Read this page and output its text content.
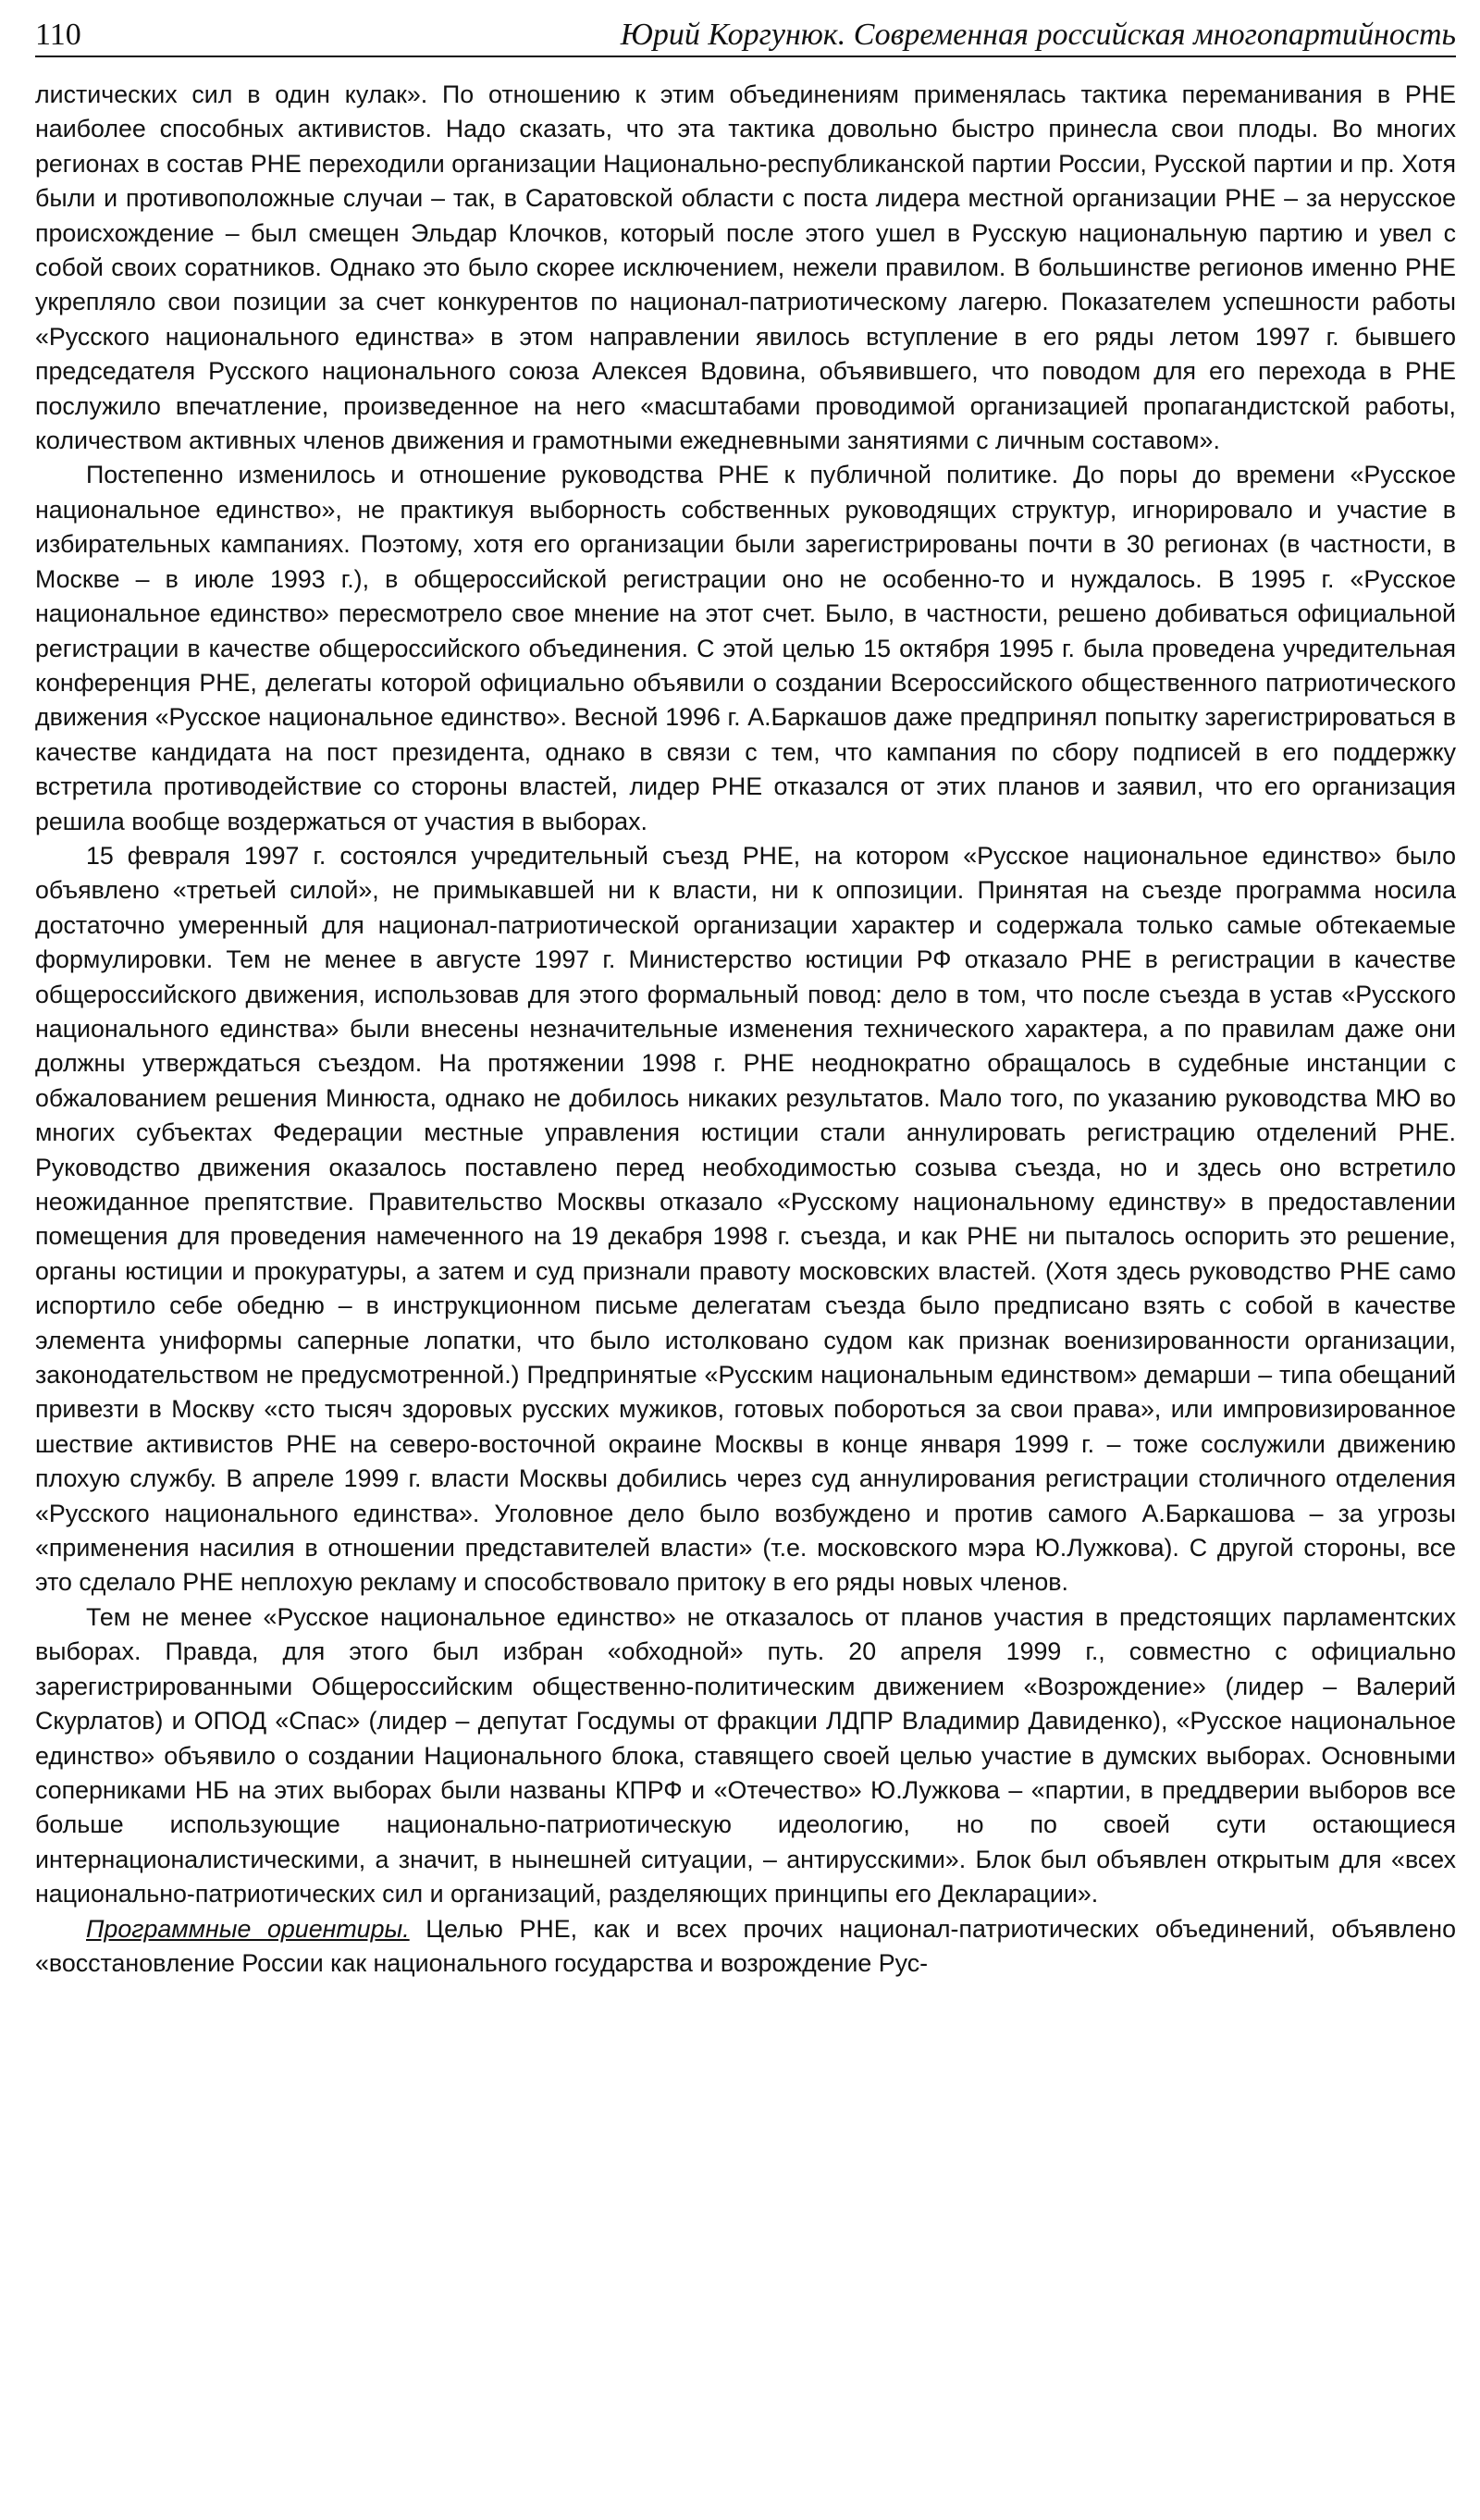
110	Юрий Коргунюк. Современная российская многопартийность

листических сил в один кулак». По отношению к этим объединениям применялась тактика переманивания в РНЕ наиболее способных активистов. Надо сказать, что эта тактика довольно быстро принесла свои плоды. Во многих регионах в состав РНЕ переходили организации Национально-республиканской партии России, Русской партии и пр. Хотя были и противоположные случаи – так, в Саратовской области с поста лидера местной организации РНЕ – за нерусское происхождение – был смещен Эльдар Клочков, который после этого ушел в Русскую национальную партию и увел с собой своих соратников. Однако это было скорее исключением, нежели правилом. В большинстве регионов именно РНЕ укрепляло свои позиции за счет конкурентов по национал-патриотическому лагерю. Показателем успешности работы «Русского национального единства» в этом направлении явилось вступление в его ряды летом 1997 г. бывшего председателя Русского национального союза Алексея Вдовина, объявившего, что поводом для его перехода в РНЕ послужило впечатление, произведенное на него «масштабами проводимой организацией пропагандистской работы, количеством активных членов движения и грамотными ежедневными занятиями с личным составом».

Постепенно изменилось и отношение руководства РНЕ к публичной политике. До поры до времени «Русское национальное единство», не практикуя выборность собственных руководящих структур, игнорировало и участие в избирательных кампаниях. Поэтому, хотя его организации были зарегистрированы почти в 30 регионах (в частности, в Москве – в июле 1993 г.), в общероссийской регистрации оно не особенно-то и нуждалось. В 1995 г. «Русское национальное единство» пересмотрело свое мнение на этот счет. Было, в частности, решено добиваться официальной регистрации в качестве общероссийского объединения. С этой целью 15 октября 1995 г. была проведена учредительная конференция РНЕ, делегаты которой официально объявили о создании Всероссийского общественного патриотического движения «Русское национальное единство». Весной 1996 г. А.Баркашов даже предпринял попытку зарегистрироваться в качестве кандидата на пост президента, однако в связи с тем, что кампания по сбору подписей в его поддержку встретила противодействие со стороны властей, лидер РНЕ отказался от этих планов и заявил, что его организация решила вообще воздержаться от участия в выборах.

15 февраля 1997 г. состоялся учредительный съезд РНЕ, на котором «Русское национальное единство» было объявлено «третьей силой», не примыкавшей ни к власти, ни к оппозиции. Принятая на съезде программа носила достаточно умеренный для национал-патриотической организации характер и содержала только самые обтекаемые формулировки. Тем не менее в августе 1997 г. Министерство юстиции РФ отказало РНЕ в регистрации в качестве общероссийского движения, использовав для этого формальный повод: дело в том, что после съезда в устав «Русского национального единства» были внесены незначительные изменения технического характера, а по правилам даже они должны утверждаться съездом. На протяжении 1998 г. РНЕ неоднократно обращалось в судебные инстанции с обжалованием решения Минюста, однако не добилось никаких результатов. Мало того, по указанию руководства МЮ во многих субъектах Федерации местные управления юстиции стали аннулировать регистрацию отделений РНЕ. Руководство движения оказалось поставлено перед необходимостью созыва съезда, но и здесь оно встретило неожиданное препятствие. Правительство Москвы отказало «Русскому национальному единству» в предоставлении помещения для проведения намеченного на 19 декабря 1998 г. съезда, и как РНЕ ни пыталось оспорить это решение, органы юстиции и прокуратуры, а затем и суд признали правоту московских властей. (Хотя здесь руководство РНЕ само испортило себе обедню – в инструкционном письме делегатам съезда было предписано взять с собой в качестве элемента униформы саперные лопатки, что было истолковано судом как признак военизированности организации, законодательством не предусмотренной.) Предпринятые «Русским национальным единством» демарши – типа обещаний привезти в Москву «сто тысяч здоровых русских мужиков, готовых побороться за свои права», или импровизированное шествие активистов РНЕ на северо-восточной окраине Москвы в конце января 1999 г. – тоже сослужили движению плохую службу. В апреле 1999 г. власти Москвы добились через суд аннулирования регистрации столичного отделения «Русского национального единства». Уголовное дело было возбуждено и против самого А.Баркашова – за угрозы «применения насилия в отношении представителей власти» (т.е. московского мэра Ю.Лужкова). С другой стороны, все это сделало РНЕ неплохую рекламу и способствовало притоку в его ряды новых членов.

Тем не менее «Русское национальное единство» не отказалось от планов участия в предстоящих парламентских выборах. Правда, для этого был избран «обходной» путь. 20 апреля 1999 г., совместно с официально зарегистрированными Общероссийским общественно-политическим движением «Возрождение» (лидер – Валерий Скурлатов) и ОПОД «Спас» (лидер – депутат Госдумы от фракции ЛДПР Владимир Давиденко), «Русское национальное единство» объявило о создании Национального блока, ставящего своей целью участие в думских выборах. Основными соперниками НБ на этих выборах были названы КПРФ и «Отечество» Ю.Лужкова – «партии, в преддверии выборов все больше использующие национально-патриотическую идеологию, но по своей сути остающиеся интернационалистическими, а значит, в нынешней ситуации, – антирусскими». Блок был объявлен открытым для «всех национально-патриотических сил и организаций, разделяющих принципы его Декларации».

Программные ориентиры. Целью РНЕ, как и всех прочих национал-патриотических объединений, объявлено «восстановление России как национального государства и возрождение Рус-
